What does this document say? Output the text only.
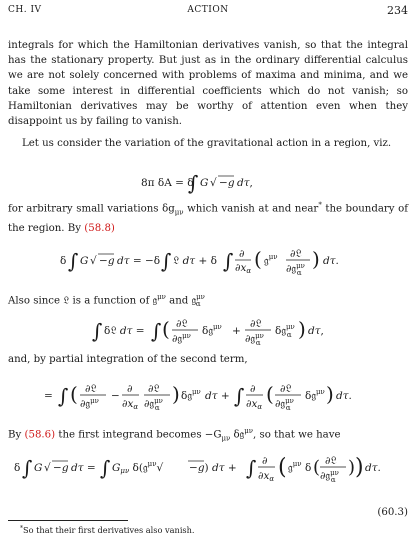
CH. IV	ACTION	234
integrals for which the Hamiltonian derivatives vanish, so that the integral has the stationary property. But just as in the ordinary differential calculus we are not solely concerned with problems of maxima and minima, and we take some interest in differential coefficients which do not vanish; so Hamiltonian derivatives may be worthy of attention even when they disappoint us by failing to vanish.
Let us consider the variation of the gravitational action in a region, viz.
8π δA = δ
∫ G √ −g dτ,
for arbitrary small variations $\delta g_{\mu\nu}$ which vanish at and near* the boundary of the region. By (58.8)
δ ∫ G √ −g dτ = −δ ∫ 𝔏 dτ + δ ∫ ∂
∂xα ( 𝔤$^{\mu\nu}$ ∂𝔏
∂𝔤$^{\mu\nu}$ α
) dτ.
Also since 𝔏 is a function of 𝔤$^{\mu\nu}$ and 𝔤$^{\mu\nu}_\alpha$
∫ δ𝔏 dτ = ∫ ( ∂𝔏
∂𝔤$^{\mu\nu}$ δ𝔤$^{\mu\nu}$ +
∂𝔏
∂𝔤$^{\mu\nu}$ α
δ𝔤$^{\mu\nu}$ α ) dτ,
and, by partial integration of the second term,
= ∫ ( ∂𝔏
∂𝔤$^{\mu\nu}$ −
∂
∂xα
∂𝔏
∂𝔤$^{\mu\nu}$ α
) δ𝔤$^{\mu\nu}$ dτ + ∫ ∂
∂xα
( ∂𝔏
∂𝔤$^{\mu\nu}$ α
δ𝔤$^{\mu\nu}$ ) dτ.
By (58.6) the first integrand becomes $-G_{\mu\nu}$ δ𝔤$^{\mu\nu}$, so that we have
δ ∫ G √ −g dτ = ∫ Gμν δ(𝔤$^{\mu\nu}$√ −g) dτ + ∫ ∂
∂xα ( 𝔤$^{\mu\nu}$ δ ( ∂𝔏
∂𝔤$^{\mu\nu}$ α
) ) dτ.
(60.3)
*So that their first derivatives also vanish.
